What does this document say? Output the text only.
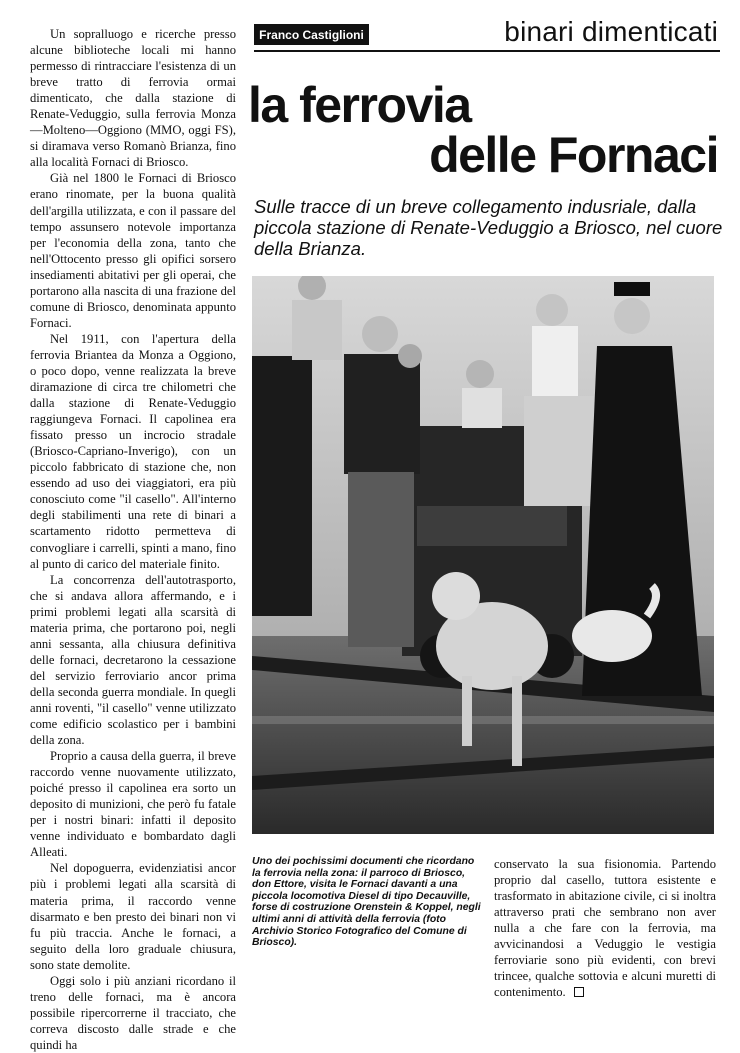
Un sopralluogo e ricerche presso alcune biblioteche locali mi hanno permesso di rintracciare l'esistenza di un breve tratto di ferrovia ormai dimenticato, che dalla stazione di Renate-Veduggio, sulla ferrovia Monza—Molteno—Oggiono (MMO, oggi FS), si diramava verso Romanò Brianza, fino alla località Fornaci di Briosco.

Già nel 1800 le Fornaci di Briosco erano rinomate, per la buona qualità dell'argilla utilizzata, e con il passare del tempo assunsero notevole importanza per l'economia della zona, tanto che nell'Ottocento presso gli opifici sorsero insediamenti abitativi per gli operai, che portarono alla nascita di una frazione del comune di Briosco, denominata appunto Fornaci.

Nel 1911, con l'apertura della ferrovia Briantea da Monza a Oggiono, o poco dopo, venne realizzata la breve diramazione di circa tre chilometri che dalla stazione di Renate-Veduggio raggiungeva Fornaci. Il capolinea era fissato presso un incrocio stradale (Briosco-Capriano-Inverigo), con un piccolo fabbricato di stazione che, non essendo ad uso dei viaggiatori, era più conosciuto come "il casello". All'interno degli stabilimenti una rete di binari a scartamento ridotto permetteva di convogliare i carrelli, spinti a mano, fino al punto di carico del materiale finito.

La concorrenza dell'autotrasporto, che si andava allora affermando, e i primi problemi legati alla scarsità di materia prima, che portarono poi, negli anni sessanta, alla chiusura definitiva delle fornaci, decretarono la cessazione del servizio ferroviario ancor prima della seconda guerra mondiale. In quegli anni roventi, "il casello" venne utilizzato come edificio scolastico per i bambini della zona.

Proprio a causa della guerra, il breve raccordo venne nuovamente utilizzato, poiché presso il capolinea era sorto un deposito di munizioni, che però fu fatale per i nostri binari: infatti il deposito venne individuato e bombardato dagli Alleati.

Nel dopoguerra, evidenziatisi ancor più i problemi legati alla scarsità di materia prima, il raccordo venne disarmato e ben presto dei binari non vi fu più traccia. Anche le fornaci, a seguito della loro graduale chiusura, sono state demolite.

Oggi solo i più anziani ricordano il treno delle fornaci, ma è ancora possibile ripercorrerne il tracciato, che correva discosto dalle strade e che quindi ha

Franco Castiglioni	binari dimenticati
la ferrovia
delle Fornaci
Sulle tracce di un breve collegamento indusriale, dalla piccola stazione di Renate-Veduggio a Briosco, nel cuore della Brianza.
Uno dei pochissimi documenti che ricordano la ferrovia nella zona: il parroco di Briosco, don Ettore, visita le Fornaci davanti a una piccola locomotiva Diesel di tipo Decauville, forse di costruzione Orenstein & Koppel, negli ultimi anni di attività della ferrovia (foto Archivio Storico Fotografico del Comune di Briosco).

conservato la sua fisionomia. Partendo proprio dal casello, tuttora esistente e trasformato in abitazione civile, ci si inoltra attraverso prati che sembrano non aver nulla a che fare con la ferrovia, ma avvicinandosi a Veduggio le vestigia ferroviarie sono più evidenti, con brevi trincee, qualche sottovia e alcuni muretti di contenimento.
